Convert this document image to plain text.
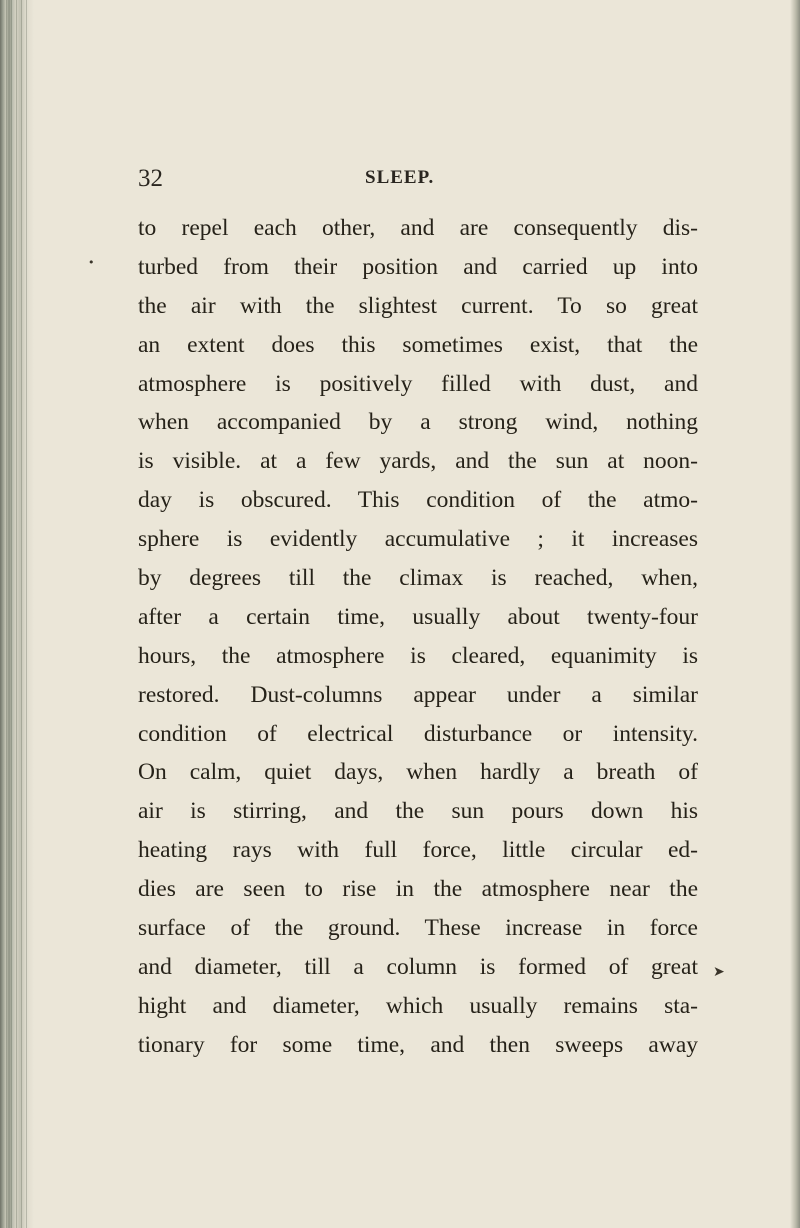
32	SLEEP.
•
to repel each other, and are consequently dis-
turbed from their position and carried up into
the air with the slightest current. To so great
an extent does this sometimes exist, that the
atmosphere is positively filled with dust, and
when accompanied by a strong wind, nothing
is visible. at a few yards, and the sun at noon-
day is obscured. This condition of the atmo-
sphere is evidently accumulative ; it increases
by degrees till the climax is reached, when,
after a certain time, usually about twenty-four
hours, the atmosphere is cleared, equanimity is
restored. Dust-columns appear under a similar
condition of electrical disturbance or intensity.
On calm, quiet days, when hardly a breath of
air is stirring, and the sun pours down his
heating rays with full force, little circular ed-
dies are seen to rise in the atmosphere near the
surface of the ground. These increase in force
and diameter, till a column is formed of great
hight and diameter, which usually remains sta-
tionary for some time, and then sweeps away
➤
